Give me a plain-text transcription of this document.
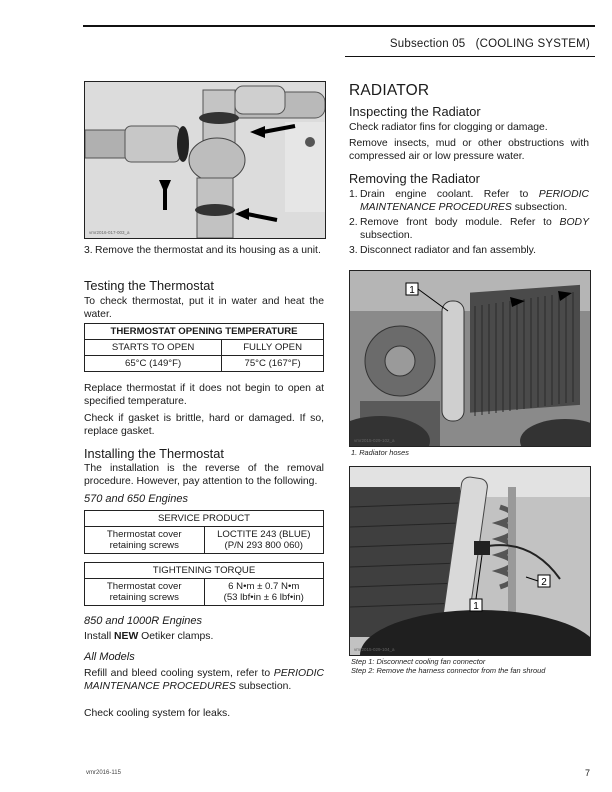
Subsection 05 (COOLING SYSTEM)
vmr2016-017-003_a
3. Remove the thermostat and its housing as a unit.
Testing the Thermostat
To check thermostat, put it in water and heat the water.
THERMOSTAT OPENING TEMPERATURE	
STARTS TO OPEN	FULLY OPEN
65°C (149°F)	75°C (167°F)
Replace thermostat if it does not begin to open at specified temperature.
Check if gasket is brittle, hard or damaged. If so, replace gasket.
Installing the Thermostat
The installation is the reverse of the removal procedure. However, pay attention to the following.
570 and 650 Engines
SERVICE PRODUCT
Thermostat cover retaining screws	LOCTITE 243 (BLUE)
(P/N 293 800 060)
TIGHTENING TORQUE
Thermostat cover retaining screws	6 N•m ± 0.7 N•m
(53 lbf•in ± 6 lbf•in)
850 and 1000R Engines
Install NEW Oetiker clamps.
All Models
Refill and bleed cooling system, refer to PERIODIC MAINTENANCE PROCEDURES subsection.
Check cooling system for leaks.
RADIATOR
Inspecting the Radiator
Check radiator fins for clogging or damage.
Remove insects, mud or other obstructions with compressed air or low pressure water.
Removing the Radiator
1. Drain engine coolant. Refer to PERIODIC MAINTENANCE PROCEDURES subsection.
2. Remove front body module. Refer to BODY subsection.
3. Disconnect radiator and fan assembly.
1
vmr2015-029-102_a
1. Radiator hoses
1
2
vmr2015-029-104_a
Step 1: Disconnect cooling fan connector
Step 2: Remove the harness connector from the fan shroud
vmr2016-115	7
